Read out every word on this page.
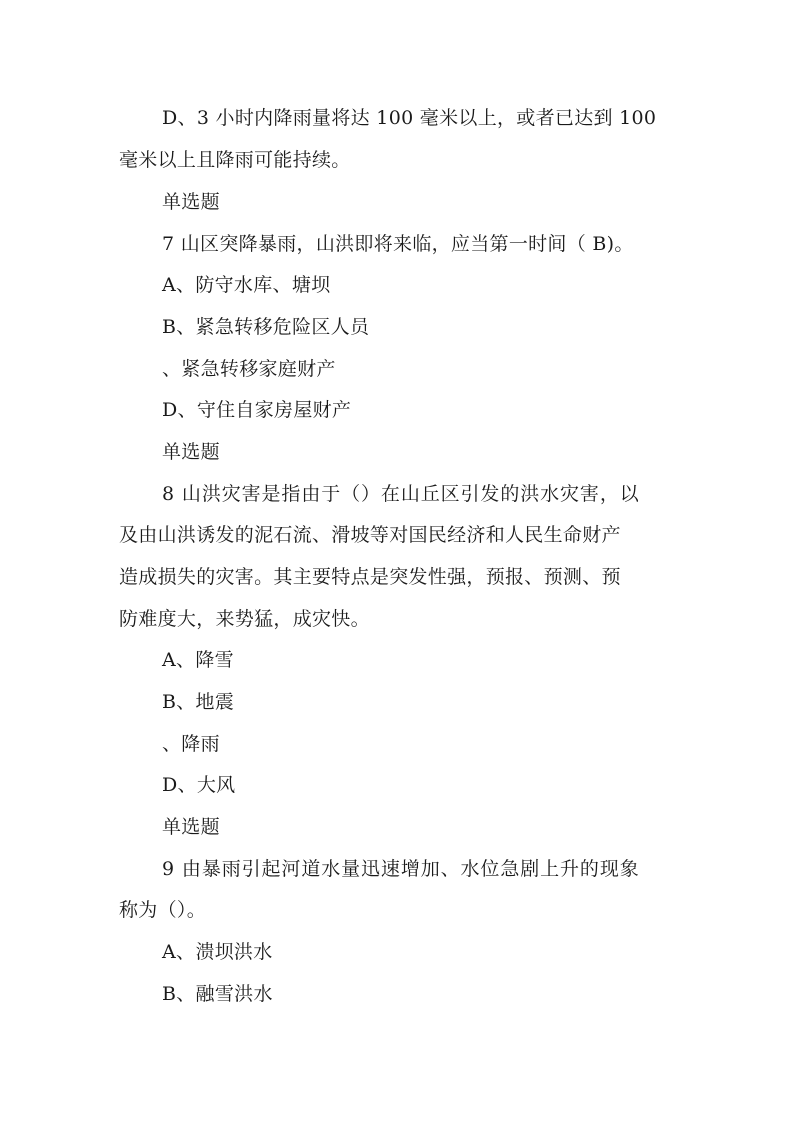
D、3 小时内降雨量将达 100 毫米以上，或者已达到 100
毫米以上且降雨可能持续。
单选题
7 山区突降暴雨，山洪即将来临，应当第一时间（ B)。
A、防守水库、塘坝
B、紧急转移危险区人员
、紧急转移家庭财产
D、守住自家房屋财产
单选题
8 山洪灾害是指由于（）在山丘区引发的洪水灾害，以
及由山洪诱发的泥石流、滑坡等对国民经济和人民生命财产
造成损失的灾害。其主要特点是突发性强，预报、预测、预
防难度大，来势猛，成灾快。
A、降雪
B、地震
、降雨
D、大风
单选题
9 由暴雨引起河道水量迅速增加、水位急剧上升的现象
称为（）。
A、溃坝洪水
B、融雪洪水
